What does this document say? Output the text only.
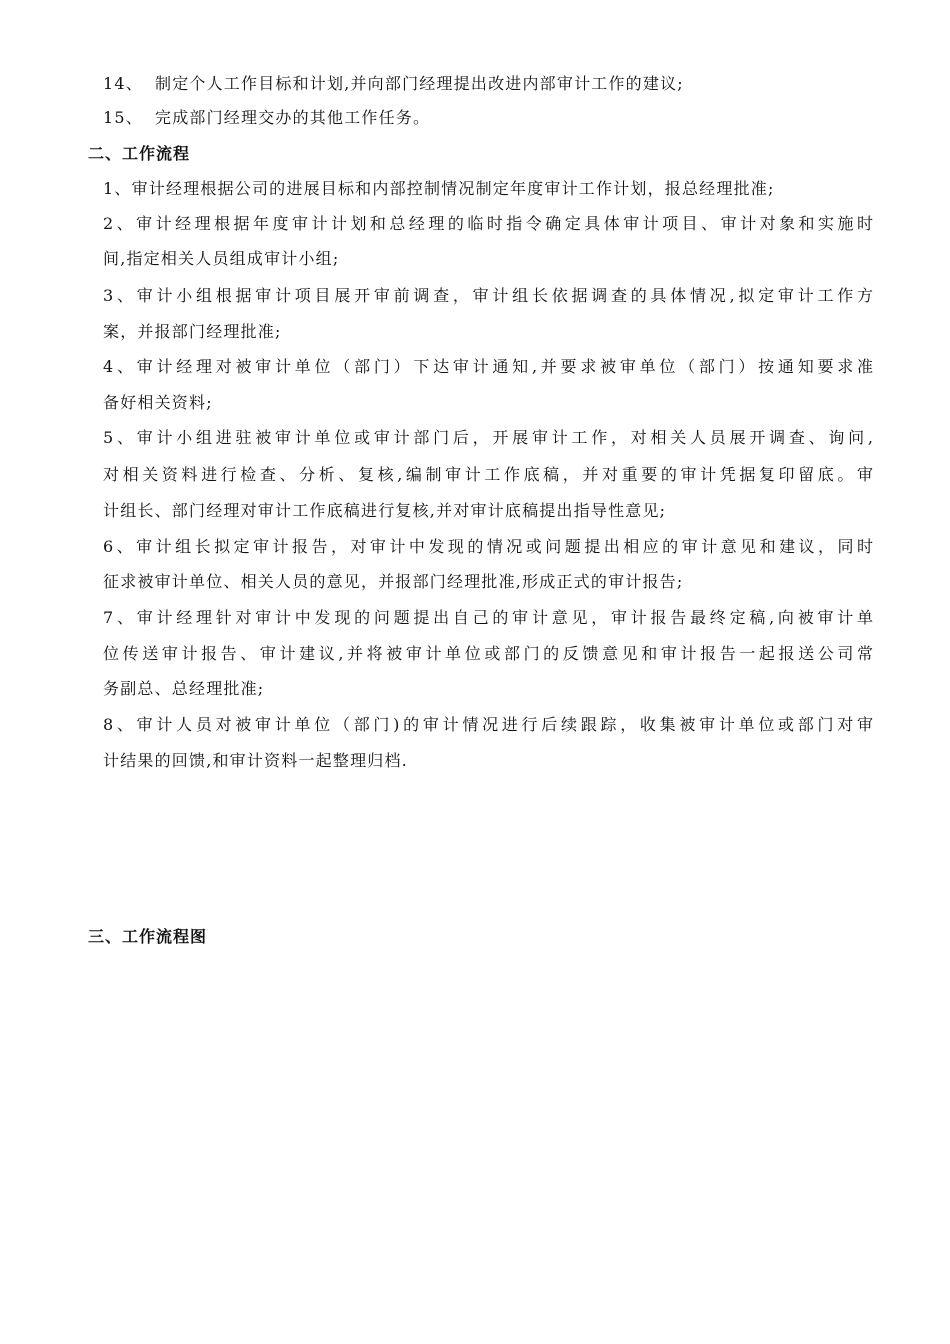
14、 制定个人工作目标和计划,并向部门经理提出改进内部审计工作的建议;
15、 完成部门经理交办的其他工作任务。
二、工作流程
1、审计经理根据公司的进展目标和内部控制情况制定年度审计工作计划，报总经理批准;
2、审计经理根据年度审计计划和总经理的临时指令确定具体审计项目、审计对象和实施时
间,指定相关人员组成审计小组;
3、审计小组根据审计项目展开审前调查，审计组长依据调查的具体情况,拟定审计工作方
案，并报部门经理批准;
4、审计经理对被审计单位（部门）下达审计通知,并要求被审单位（部门）按通知要求准
备好相关资料;
5、审计小组进驻被审计单位或审计部门后，开展审计工作，对相关人员展开调查、询问,
对相关资料进行检查、分析、复核,编制审计工作底稿，并对重要的审计凭据复印留底。审
计组长、部门经理对审计工作底稿进行复核,并对审计底稿提出指导性意见;
6、审计组长拟定审计报告，对审计中发现的情况或问题提出相应的审计意见和建议，同时
征求被审计单位、相关人员的意见，并报部门经理批准,形成正式的审计报告;
7、审计经理针对审计中发现的问题提出自己的审计意见，审计报告最终定稿,向被审计单
位传送审计报告、审计建议,并将被审计单位或部门的反馈意见和审计报告一起报送公司常
务副总、总经理批准;
8、审计人员对被审计单位（部门)的审计情况进行后续跟踪，收集被审计单位或部门对审
计结果的回馈,和审计资料一起整理归档.
三、工作流程图
